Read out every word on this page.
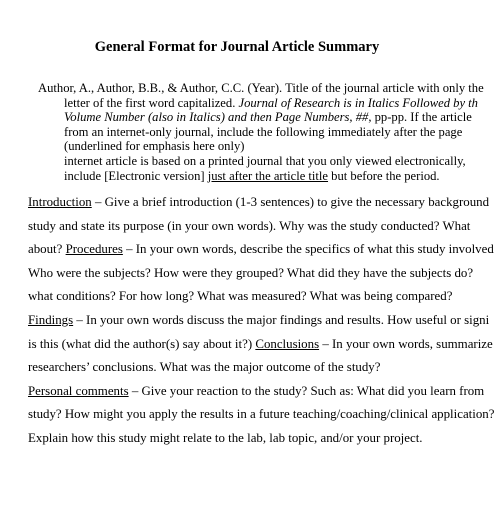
General Format for Journal Article Summary
Author, A., Author, B.B., & Author, C.C. (Year). Title of the journal article with only the
letter of the first word capitalized. Journal of Research is in Italics Followed by th
Volume Number (also in Italics) and then Page Numbers, ##, pp-pp. If the article
from an internet-only journal, include the following immediately after the page
(underlined for emphasis here only)
internet article is based on a printed journal that you only viewed electronically,
include [Electronic version] just after the article title but before the period.
Introduction – Give a brief introduction (1-3 sentences) to give the necessary background
study and state its purpose (in your own words). Why was the study conducted? What
about? Procedures – In your own words, describe the specifics of what this study involved
Who were the subjects? How were they grouped? What did they have the subjects do?
what conditions? For how long? What was measured? What was being compared?
Findings – In your own words discuss the major findings and results. How useful or signi
is this (what did the author(s) say about it?) Conclusions – In your own words, summarize
researchers’ conclusions. What was the major outcome of the study?
Personal comments – Give your reaction to the study? Such as: What did you learn from
study? How might you apply the results in a future teaching/coaching/clinical application?
Explain how this study might relate to the lab, lab topic, and/or your project.
